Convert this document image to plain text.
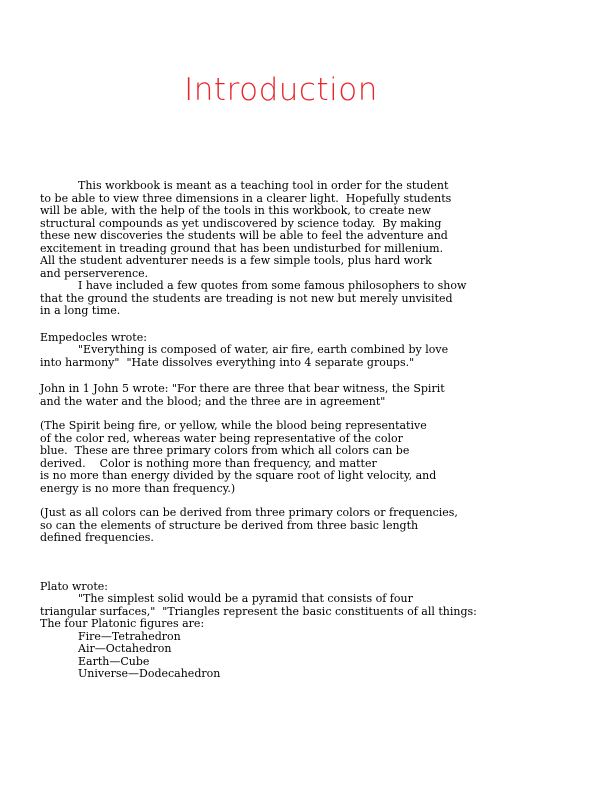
Introduction
This workbook is meant as a teaching tool in order for the student
to be able to view three dimensions in a clearer light.  Hopefully students
will be able, with the help of the tools in this workbook, to create new
structural compounds as yet undiscovered by science today.  By making
these new discoveries the students will be able to feel the adventure and
excitement in treading ground that has been undisturbed for millenium.
All the student adventurer needs is a few simple tools, plus hard work
and perserverence.
I have included a few quotes from some famous philosophers to show
that the ground the students are treading is not new but merely unvisited
in a long time.
Empedocles wrote:
"Everything is composed of water, air fire, earth combined by love
into harmony"  "Hate dissolves everything into 4 separate groups."
John in 1 John 5 wrote: "For there are three that bear witness, the Spirit
and the water and the blood; and the three are in agreement"
(The Spirit being fire, or yellow, while the blood being representative
of the color red, whereas water being representative of the color
blue.  These are three primary colors from which all colors can be
derived.    Color is nothing more than frequency, and matter
is no more than energy divided by the square root of light velocity, and
energy is no more than frequency.)
(Just as all colors can be derived from three primary colors or frequencies,
so can the elements of structure be derived from three basic length
defined frequencies.
Plato wrote:
"The simplest solid would be a pyramid that consists of four
triangular surfaces,"  "Triangles represent the basic constituents of all things:
The four Platonic figures are:
Fire—Tetrahedron
Air—Octahedron
Earth—Cube
Universe—Dodecahedron
